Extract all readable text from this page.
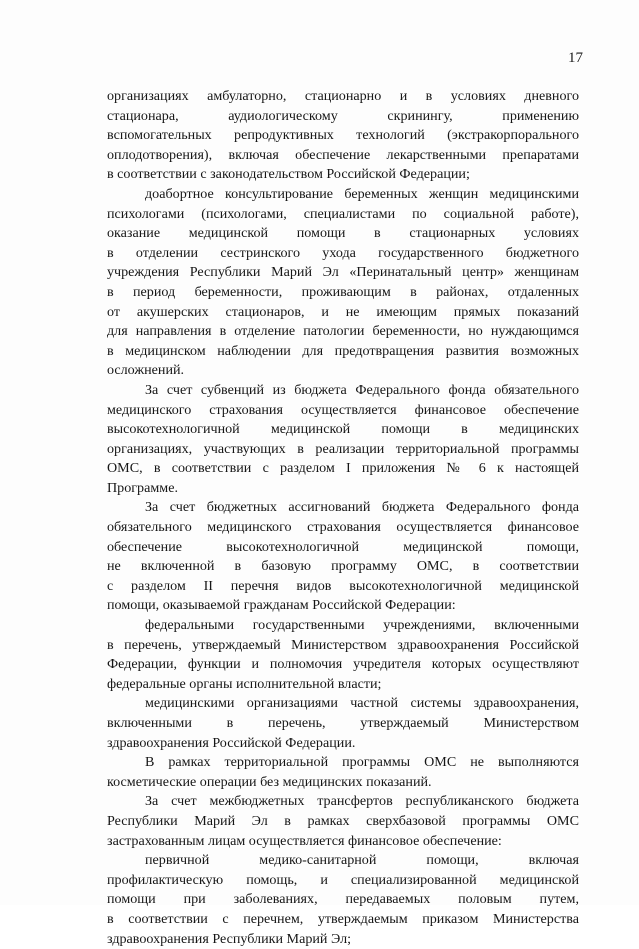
17
организациях амбулаторно, стационарно и в условиях дневного
стационара, аудиологическому скринингу, применению
вспомогательных репродуктивных технологий (экстракорпорального
оплодотворения), включая обеспечение лекарственными препаратами
в соответствии с законодательством Российской Федерации;
доабортное консультирование беременных женщин медицинскими
психологами (психологами, специалистами по социальной работе),
оказание медицинской помощи в стационарных условиях
в отделении сестринского ухода государственного бюджетного
учреждения Республики Марий Эл «Перинатальный центр» женщинам
в период беременности, проживающим в районах, отдаленных
от акушерских стационаров, и не имеющим прямых показаний
для направления в отделение патологии беременности, но нуждающимся
в медицинском наблюдении для предотвращения развития возможных
осложнений.
За счет субвенций из бюджета Федерального фонда обязательного
медицинского страхования осуществляется финансовое обеспечение
высокотехнологичной медицинской помощи в медицинских
организациях, участвующих в реализации территориальной программы
ОМС, в соответствии с разделом I приложения № 6 к настоящей
Программе.
За счет бюджетных ассигнований бюджета Федерального фонда
обязательного медицинского страхования осуществляется финансовое
обеспечение высокотехнологичной медицинской помощи,
не включенной в базовую программу ОМС, в соответствии
с разделом II перечня видов высокотехнологичной медицинской
помощи, оказываемой гражданам Российской Федерации:
федеральными государственными учреждениями, включенными
в перечень, утверждаемый Министерством здравоохранения Российской
Федерации, функции и полномочия учредителя которых осуществляют
федеральные органы исполнительной власти;
медицинскими организациями частной системы здравоохранения,
включенными в перечень, утверждаемый Министерством
здравоохранения Российской Федерации.
В рамках территориальной программы ОМС не выполняются
косметические операции без медицинских показаний.
За счет межбюджетных трансфертов республиканского бюджета
Республики Марий Эл в рамках сверхбазовой программы ОМС
застрахованным лицам осуществляется финансовое обеспечение:
первичной медико-санитарной помощи, включая
профилактическую помощь, и специализированной медицинской
помощи при заболеваниях, передаваемых половым путем,
в соответствии с перечнем, утверждаемым приказом Министерства
здравоохранения Республики Марий Эл;
